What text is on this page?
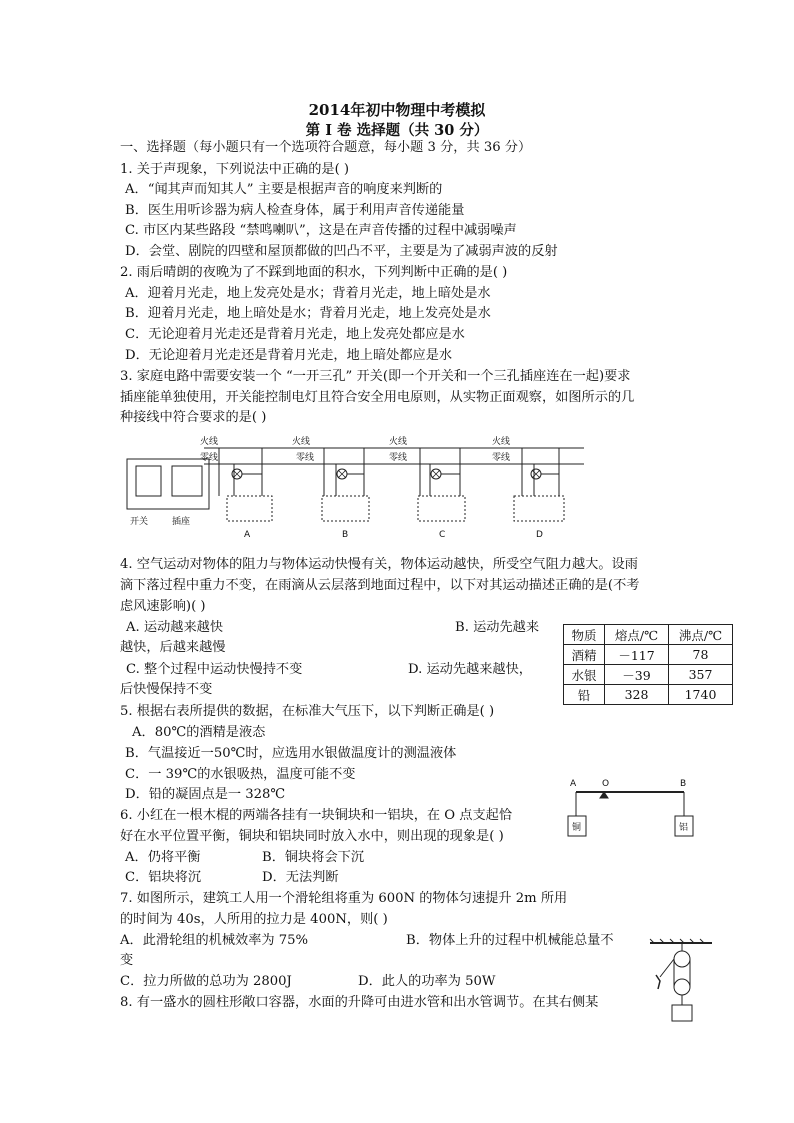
2014年初中物理中考模拟
第 I 卷 选择题（共 30 分）
一、选择题（每小题只有一个选项符合题意，每小题 3 分，共 36 分）
1. 关于声现象，下列说法中正确的是( )
A．“闻其声而知其人” 主要是根据声音的响度来判断的
B．医生用听诊器为病人检查身体，属于利用声音传递能量
C. 市区内某些路段 “禁鸣喇叭”，这是在声音传播的过程中减弱噪声
D．会堂、剧院的四壁和屋顶都做的凹凸不平，主要是为了减弱声波的反射
2. 雨后晴朗的夜晚为了不踩到地面的积水，下列判断中正确的是( )
A．迎着月光走，地上发亮处是水；背着月光走，地上暗处是水
B．迎着月光走，地上暗处是水；背着月光走，地上发亮处是水
C．无论迎着月光走还是背着月光走，地上发亮处都应是水
D．无论迎着月光走还是背着月光走，地上暗处都应是水
3. 家庭电路中需要安装一个 “一开三孔” 开关(即一个开关和一个三孔插座连在一起)要求
插座能单独使用，开关能控制电灯且符合安全用电原则，从实物正面观察，如图所示的几
种接线中符合要求的是( )
火线
零线
火线
零线
火线
零线
火线
零线
开关	插座
A	B	C	D
4. 空气运动对物体的阻力与物体运动快慢有关，物体运动越快，所受空气阻力越大。设雨
滴下落过程中重力不变，在雨滴从云层落到地面过程中，以下对其运动描述正确的是(不考
虑风速影响)( )
A. 运动越来越快	B. 运动先越来
越快，后越来越慢
C. 整个过程中运动快慢持不变	D. 运动先越来越快，
后快慢保持不变
物质	熔点/℃	沸点/℃
酒精	－117	78
水银	－39	357
铅	328	1740
5. 根据右表所提供的数据，在标准大气压下，以下判断正确是( )
A．80℃的酒精是液态
B．气温接近一50℃时，应选用水银做温度计的测温液体
C．一 39℃的水银吸热，温度可能不变
D．铅的凝固点是一 328℃
A	O	B
铜	铝
6. 小红在一根木棍的两端各挂有一块铜块和一铝块，在 O 点支起恰
好在水平位置平衡，铜块和铝块同时放入水中，则出现的现象是( )
A．仍将平衡	B．铜块将会下沉
C．铝块将沉	D．无法判断
7. 如图所示，建筑工人用一个滑轮组将重为 600N 的物体匀速提升 2m 所用
的时间为 40s，人所用的拉力是 400N，则( )
A．此滑轮组的机械效率为 75%	B．物体上升的过程中机械能总量不
变
C．拉力所做的总功为 2800J	D．此人的功率为 50W
8. 有一盛水的圆柱形敞口容器，水面的升降可由进水管和出水管调节。在其右侧某
